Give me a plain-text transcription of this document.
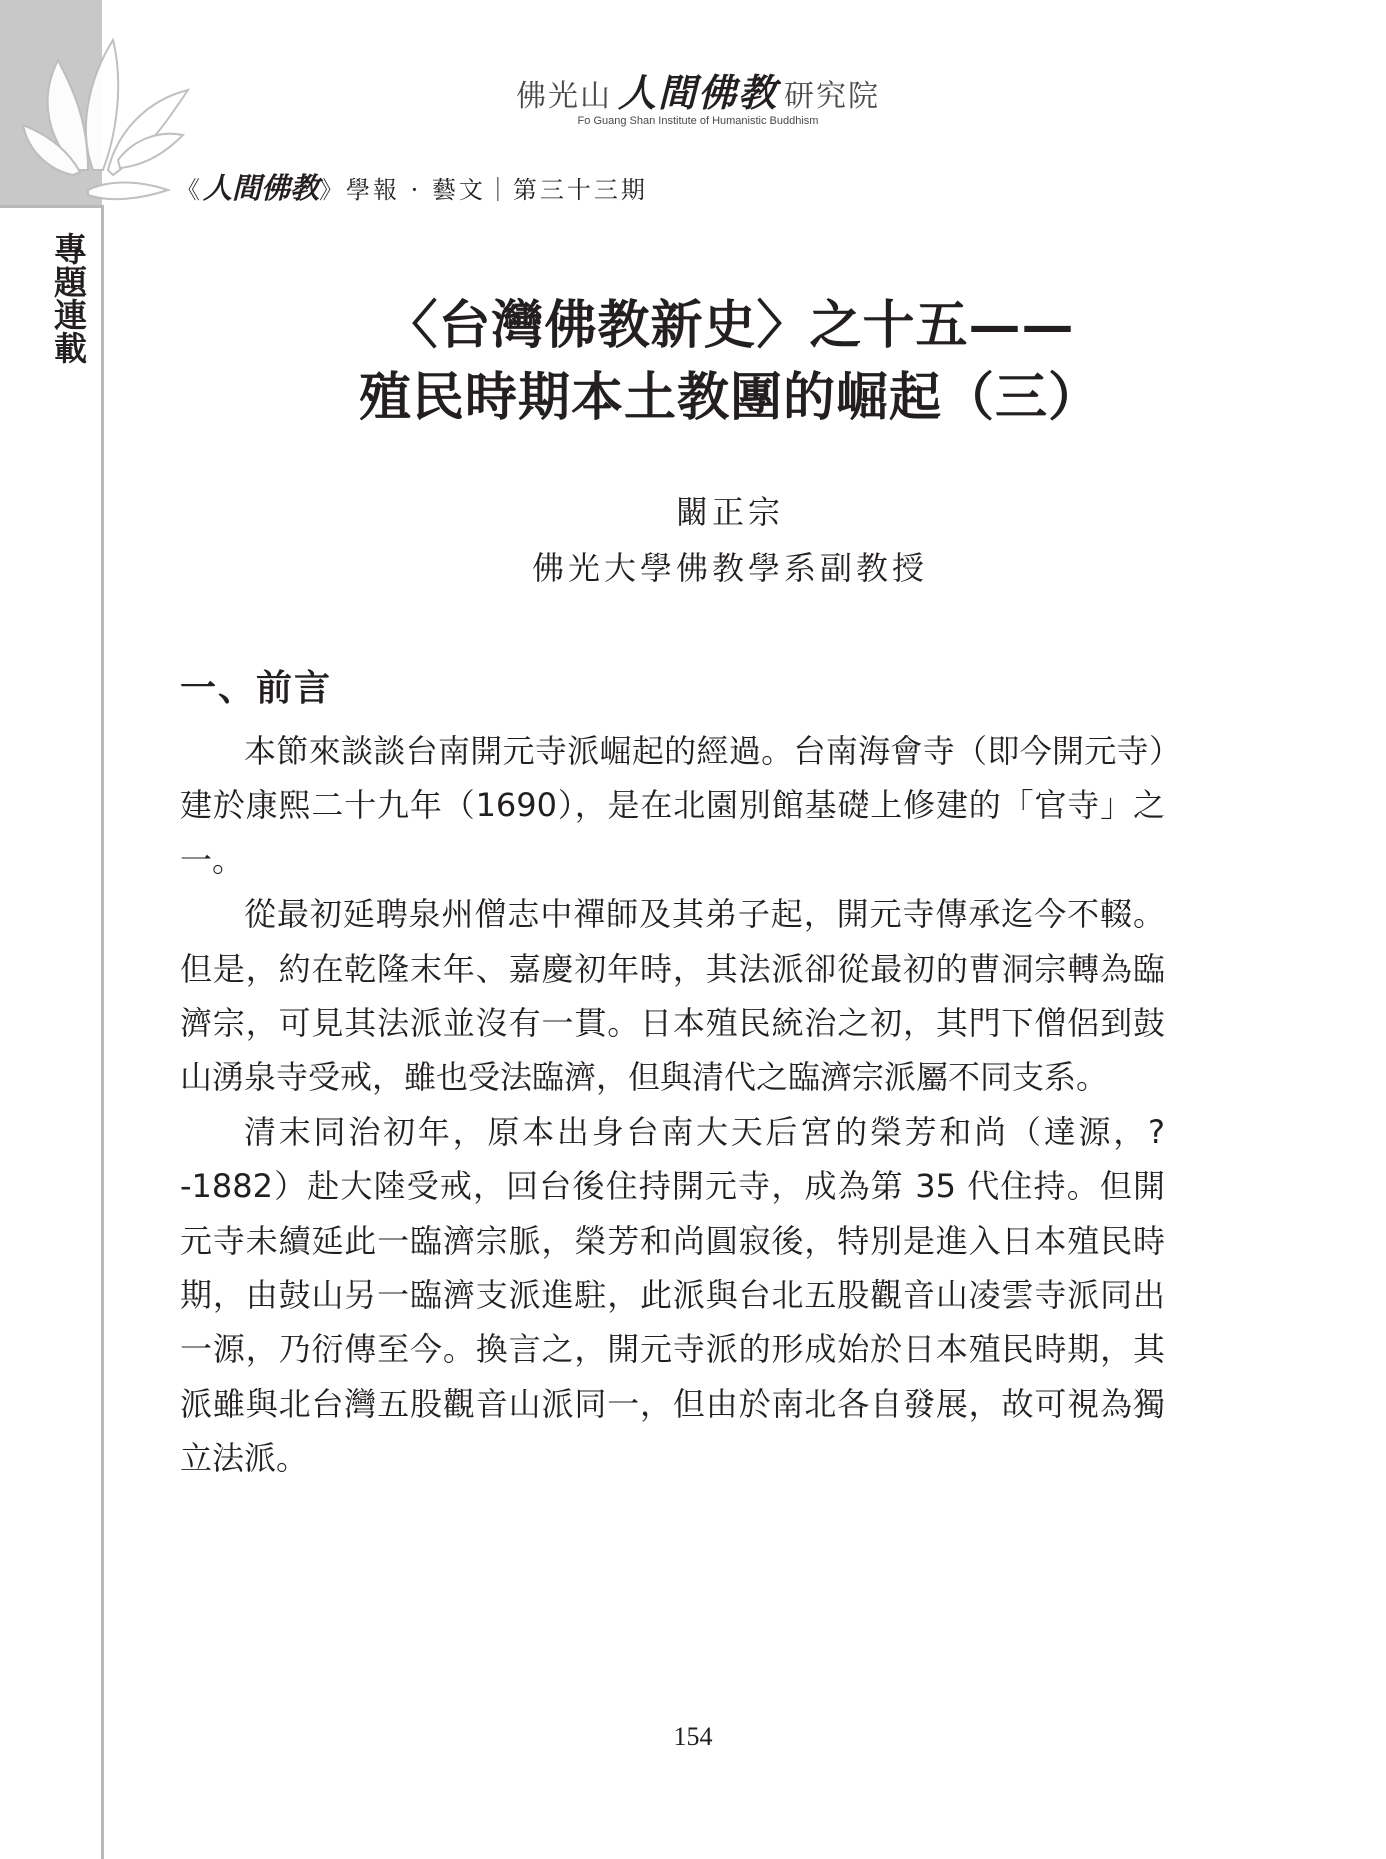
專題連載
佛光山 人間佛教 研究院
Fo Guang Shan Institute of Humanistic Buddhism
《人間佛教》學報 · 藝文｜第三十三期
〈台灣佛教新史〉之十五——
殖民時期本土教團的崛起（三）
闞正宗
佛光大學佛教學系副教授
一、前言

本節來談談台南開元寺派崛起的經過。台南海會寺（即今開元寺）建於康熙二十九年（1690），是在北園別館基礎上修建的「官寺」之一。

從最初延聘泉州僧志中禪師及其弟子起，開元寺傳承迄今不輟。但是，約在乾隆末年、嘉慶初年時，其法派卻從最初的曹洞宗轉為臨濟宗，可見其法派並沒有一貫。日本殖民統治之初，其門下僧侶到鼓山湧泉寺受戒，雖也受法臨濟，但與清代之臨濟宗派屬不同支系。

清末同治初年，原本出身台南大天后宮的榮芳和尚（達源，?-1882）赴大陸受戒，回台後住持開元寺，成為第 35 代住持。但開元寺未續延此一臨濟宗脈，榮芳和尚圓寂後，特別是進入日本殖民時期，由鼓山另一臨濟支派進駐，此派與台北五股觀音山凌雲寺派同出一源，乃衍傳至今。換言之，開元寺派的形成始於日本殖民時期，其派雖與北台灣五股觀音山派同一，但由於南北各自發展，故可視為獨立法派。

154
